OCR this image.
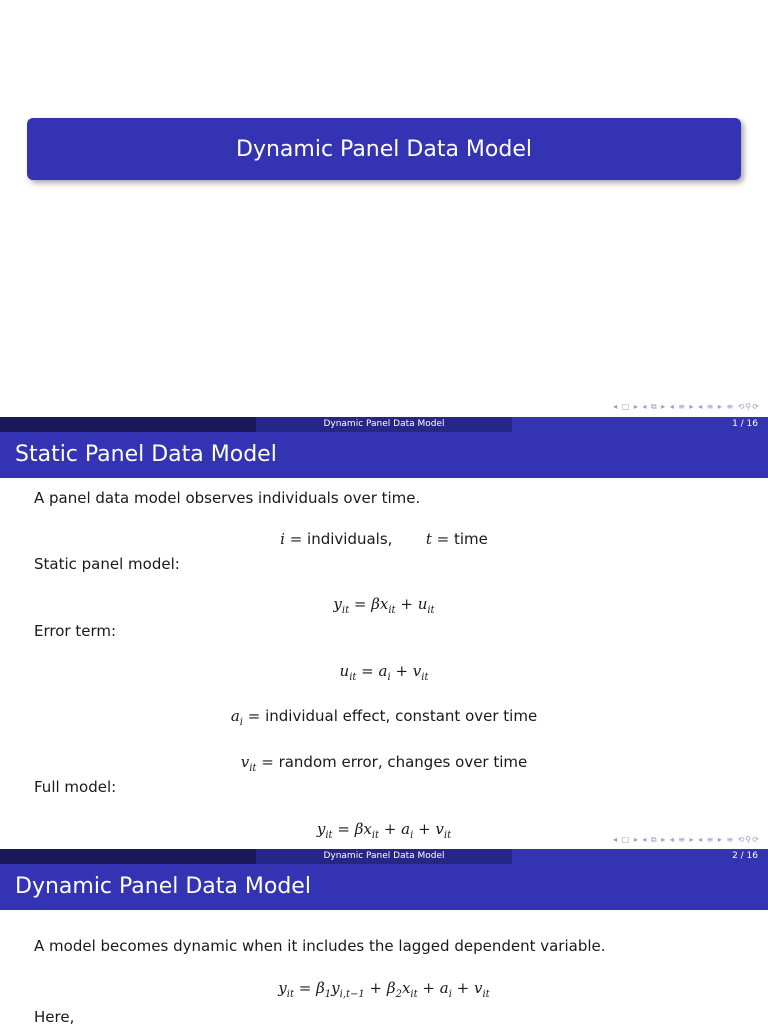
Dynamic Panel Data Model
◂ □ ▸ ◂ ⧉ ▸ ◂ ≡ ▸ ◂ ≡ ▸ ≡ ⟲⚲⟳
Dynamic Panel Data Model	1 / 16
Static Panel Data Model
A panel data model observes individuals over time.
i = individuals, t = time
Static panel model:
$y_{it} = \beta x_{it} + u_{it}$
Error term:
$u_{it} = a_i + v_{it}$
$a_i$ = individual effect, constant over time
$v_{it}$ = random error, changes over time
Full model:
$y_{it} = \beta x_{it} + a_i + v_{it}$	◂ □ ▸ ◂ ⧉ ▸ ◂ ≡ ▸ ◂ ≡ ▸ ≡ ⟲⚲⟳
Dynamic Panel Data Model	2 / 16
Dynamic Panel Data Model
A model becomes dynamic when it includes the lagged dependent variable.
$y_{it} = \beta_1y_{i,t-1} + \beta_2x_{it} + a_i + v_{it}$
Here,
